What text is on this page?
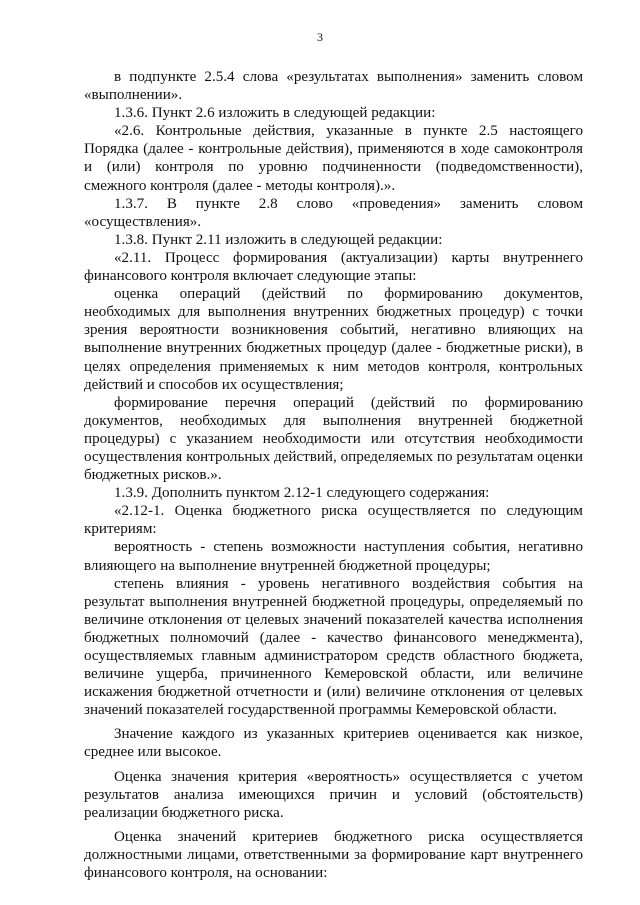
3

в подпункте 2.5.4 слова «результатах выполнения» заменить словом «выполнении».

1.3.6. Пункт 2.6 изложить в следующей редакции:

«2.6. Контрольные действия, указанные в пункте 2.5 настоящего Порядка (далее - контрольные действия), применяются в ходе самоконтроля и (или) контроля по уровню подчиненности (подведомственности), смежного контроля (далее - методы контроля).».

1.3.7. В пункте 2.8 слово «проведения» заменить словом «осуществления».

1.3.8. Пункт 2.11 изложить в следующей редакции:

«2.11. Процесс формирования (актуализации) карты внутреннего финансового контроля включает следующие этапы:

оценка операций (действий по формированию документов, необходимых для выполнения внутренних бюджетных процедур) с точки зрения вероятности возникновения событий, негативно влияющих на выполнение внутренних бюджетных процедур (далее - бюджетные риски), в целях определения применяемых к ним методов контроля, контрольных действий и способов их осуществления;

формирование перечня операций (действий по формированию документов, необходимых для выполнения внутренней бюджетной процедуры) с указанием необходимости или отсутствия необходимости осуществления контрольных действий, определяемых по результатам оценки бюджетных рисков.».

1.3.9. Дополнить пунктом 2.12-1 следующего содержания:

«2.12-1. Оценка бюджетного риска осуществляется по следующим критериям:

вероятность - степень возможности наступления события, негативно влияющего на выполнение внутренней бюджетной процедуры;

степень влияния - уровень негативного воздействия события на результат выполнения внутренней бюджетной процедуры, определяемый по величине отклонения от целевых значений показателей качества исполнения бюджетных полномочий (далее - качество финансового менеджмента), осуществляемых главным администратором средств областного бюджета, величине ущерба, причиненного Кемеровской области, или величине искажения бюджетной отчетности и (или) величине отклонения от целевых значений показателей государственной программы Кемеровской области.

Значение каждого из указанных критериев оценивается как низкое, среднее или высокое.

Оценка значения критерия «вероятность» осуществляется с учетом результатов анализа имеющихся причин и условий (обстоятельств) реализации бюджетного риска.

Оценка значений критериев бюджетного риска осуществляется должностными лицами, ответственными за формирование карт внутреннего финансового контроля, на основании:
